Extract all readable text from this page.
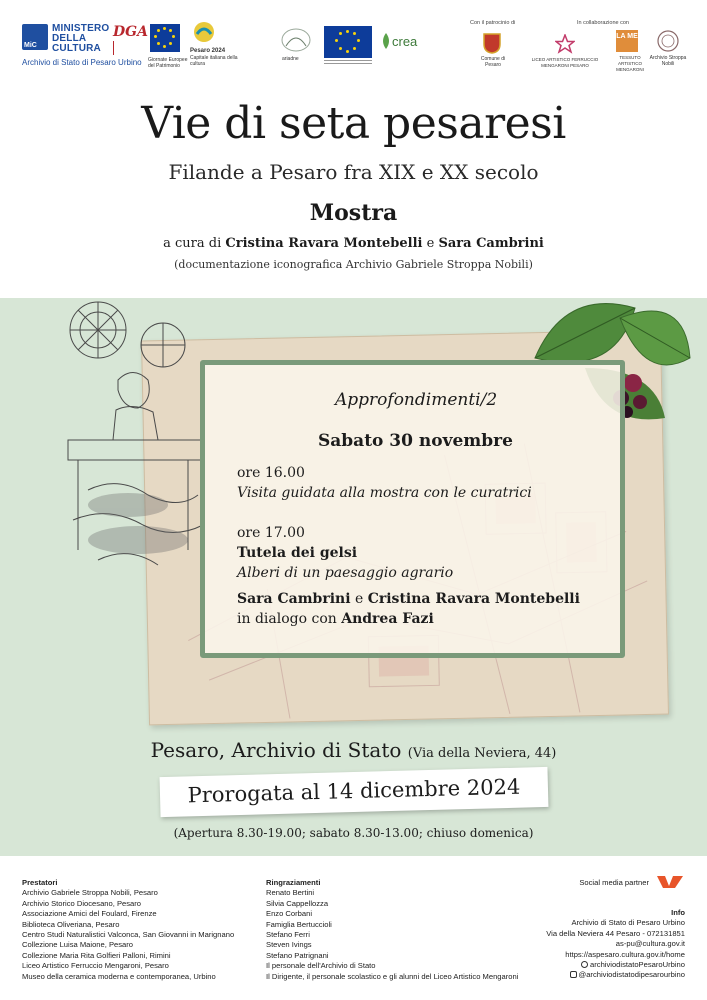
MINISTERO
DELLA
CULTURA
MiC
Archivio di Stato di Pesaro Urbino
DGA
Giornate Europee del Patrimonio
Pesaro 2024
Capitale italiana della cultura
ariadne
crea
Con il patrocinio di
Comune di Pesaro
In collaborazione con
LICEO ARTISTICO FERRUCCIO MENGARONI PESARO
LA ME
TESSUTO ARTISTICO MENGARONI
Archivio Stroppa Nobili
Vie di seta pesaresi
Filande a Pesaro fra XIX e XX secolo
Mostra
a cura di Cristina Ravara Montebelli e Sara Cambrini
(documentazione iconografica Archivio Gabriele Stroppa Nobili)
Approfondimenti/2
Sabato 30 novembre
ore 16.00
Visita guidata alla mostra con le curatrici
ore 17.00
Tutela dei gelsi
Alberi di un paesaggio agrario
Sara Cambrini e Cristina Ravara Montebelli
in dialogo con Andrea Fazi
Pesaro, Archivio di Stato (Via della Neviera, 44)
Prorogata al 14 dicembre 2024
(Apertura 8.30-19.00; sabato 8.30-13.00; chiuso domenica)
Prestatori
Archivio Gabriele Stroppa Nobili, Pesaro
Archivio Storico Diocesano, Pesaro
Associazione Amici del Foulard, Firenze
Biblioteca Oliveriana, Pesaro
Centro Studi Naturalistici Valconca, San Giovanni in Marignano
Collezione Luisa Maione, Pesaro
Collezione Maria Rita Golfieri Palloni, Rimini
Liceo Artistico Ferruccio Mengaroni, Pesaro
Museo della ceramica moderna e contemporanea, Urbino
Ringraziamenti
Renato Bertini
Silvia Cappellozza
Enzo Corbani
Famiglia Bertuccioli
Stefano Ferri
Steven Ivings
Stefano Patrignani
Il personale dell'Archivio di Stato
Il Dirigente, il personale scolastico e gli alunni del Liceo Artistico Mengaroni
Social media partner
Info
Archivio di Stato di Pesaro Urbino
Via della Neviera 44 Pesaro - 072131851
as-pu@cultura.gov.it
https://aspesaro.cultura.gov.it/home
archiviodistatoPesaroUrbino
@archiviodistatodipesarourbino
